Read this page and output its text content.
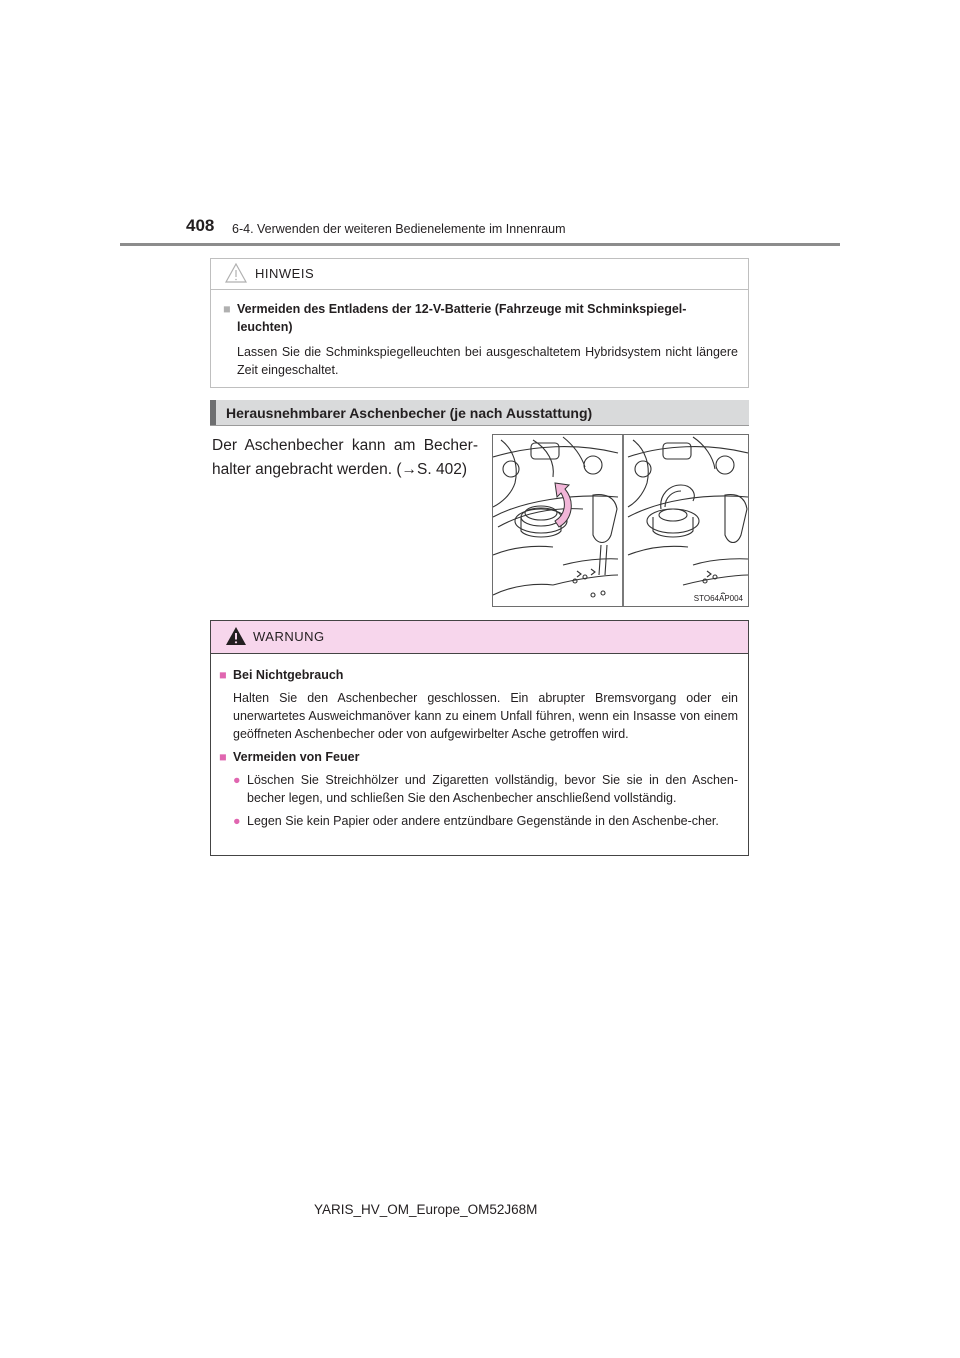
408 6-4. Verwenden der weiteren Bedienelemente im Innenraum
HINWEIS
■ Vermeiden des Entladens der 12-V-Batterie (Fahrzeuge mit Schminkspiegel-leuchten)
Lassen Sie die Schminkspiegelleuchten bei ausgeschaltetem Hybridsystem nicht längere Zeit eingeschaltet.
Herausnehmbarer Aschenbecher (je nach Ausstattung)
Der Aschenbecher kann am Becher-halter angebracht werden. (→S. 402)
STO64AP004
WARNUNG
■ Bei Nichtgebrauch
Halten Sie den Aschenbecher geschlossen. Ein abrupter Bremsvorgang oder ein unerwartetes Ausweichmanöver kann zu einem Unfall führen, wenn ein Insasse von einem geöffneten Aschenbecher oder von aufgewirbelter Asche getroffen wird.
■ Vermeiden von Feuer
● Löschen Sie Streichhölzer und Zigaretten vollständig, bevor Sie sie in den Aschen-becher legen, und schließen Sie den Aschenbecher anschließend vollständig.
● Legen Sie kein Papier oder andere entzündbare Gegenstände in den Aschenbe-cher.
YARIS_HV_OM_Europe_OM52J68M
